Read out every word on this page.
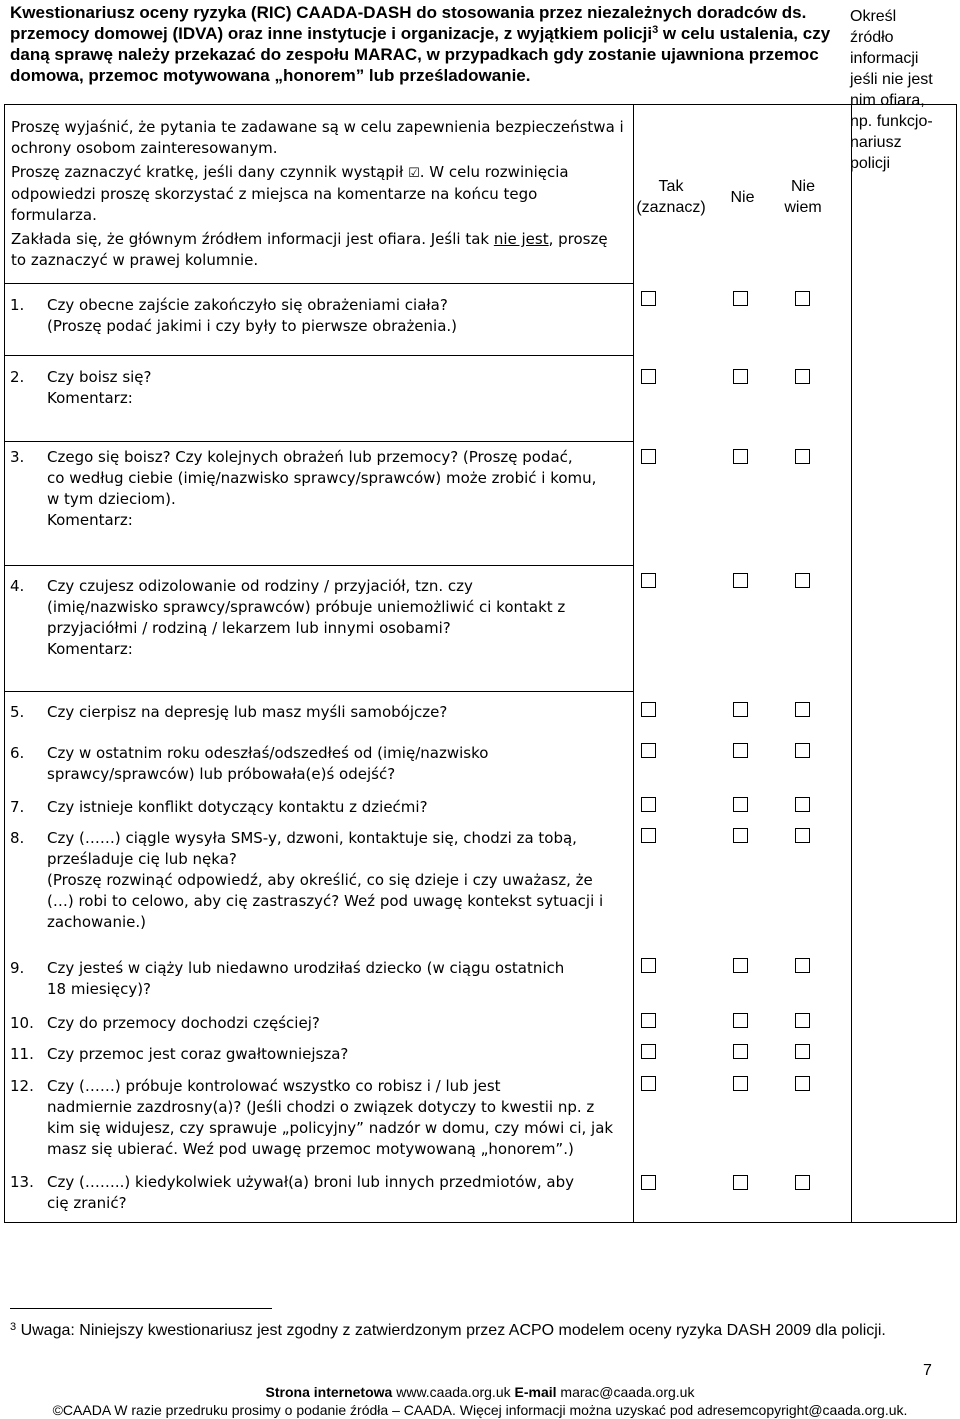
Kwestionariusz oceny ryzyka (RIC) CAADA-DASH do stosowania przez niezależnych doradców ds.
przemocy domowej (IDVA) oraz inne instytucje i organizacje, z wyjątkiem policji$^3$ w celu ustalenia, czy
daną sprawę należy przekazać do zespołu MARAC, w przypadkach gdy zostanie ujawniona przemoc
domowa, przemoc motywowana „honorem” lub prześladowanie.

Proszę wyjaśnić, że pytania te zadawane są w celu zapewnienia bezpieczeństwa i ochrony osobom zainteresowanym.

Proszę zaznaczyć kratkę, jeśli dany czynnik wystąpił ☑. W celu rozwinięcia odpowiedzi proszę skorzystać z miejsca na komentarze na końcu tego formularza.

Zakłada się, że głównym źródłem informacji jest ofiara. Jeśli tak nie jest, proszę to zaznaczyć w prawej kolumnie.

Tak
(zaznacz)
Nie
Nie
wiem
Określ
źródło
informacji
jeśli nie jest
nim ofiara,
np. funkcjo-
nariusz
policji
1. Czy obecne zajście zakończyło się obrażeniami ciała?
(Proszę podać jakimi i czy były to pierwsze obrażenia.)
2. Czy boisz się?
Komentarz:
3. Czego się boisz? Czy kolejnych obrażeń lub przemocy? (Proszę podać,
co według ciebie (imię/nazwisko sprawcy/sprawców) może zrobić i komu,
w tym dzieciom).
Komentarz:
4. Czy czujesz odizolowanie od rodziny / przyjaciół, tzn. czy
(imię/nazwisko sprawcy/sprawców) próbuje uniemożliwić ci kontakt z
przyjaciółmi / rodziną / lekarzem lub innymi osobami?
Komentarz:
5. Czy cierpisz na depresję lub masz myśli samobójcze?
6. Czy w ostatnim roku odeszłaś/odszedłeś od (imię/nazwisko
sprawcy/sprawców) lub próbowała(e)ś odejść?
7. Czy istnieje konflikt dotyczący kontaktu z dziećmi?
8. Czy (……) ciągle wysyła SMS-y, dzwoni, kontaktuje się, chodzi za tobą,
prześladuje cię lub nęka?
(Proszę rozwinąć odpowiedź, aby określić, co się dzieje i czy uważasz, że
(…) robi to celowo, aby cię zastraszyć? Weź pod uwagę kontekst sytuacji i
zachowanie.)
9. Czy jesteś w ciąży lub niedawno urodziłaś dziecko (w ciągu ostatnich
18 miesięcy)?
10. Czy do przemocy dochodzi częściej?
11. Czy przemoc jest coraz gwałtowniejsza?
12. Czy (……) próbuje kontrolować wszystko co robisz i / lub jest
nadmiernie zazdrosny(a)? (Jeśli chodzi o związek dotyczy to kwestii np. z
kim się widujesz, czy sprawuje „policyjny” nadzór w domu, czy mówi ci, jak
masz się ubierać. Weź pod uwagę przemoc motywowaną „honorem”.)
13. Czy (……..) kiedykolwiek używał(a) broni lub innych przedmiotów, aby
cię zranić?
$^3$ Uwaga: Niniejszy kwestionariusz jest zgodny z zatwierdzonym przez ACPO modelem oceny ryzyka DASH 2009 dla policji.
7
Strona internetowa www.caada.org.uk E-mail marac@caada.org.uk
©CAADA W razie przedruku prosimy o podanie źródła – CAADA. Więcej informacji można uzyskać pod adresemcopyright@caada.org.uk.
